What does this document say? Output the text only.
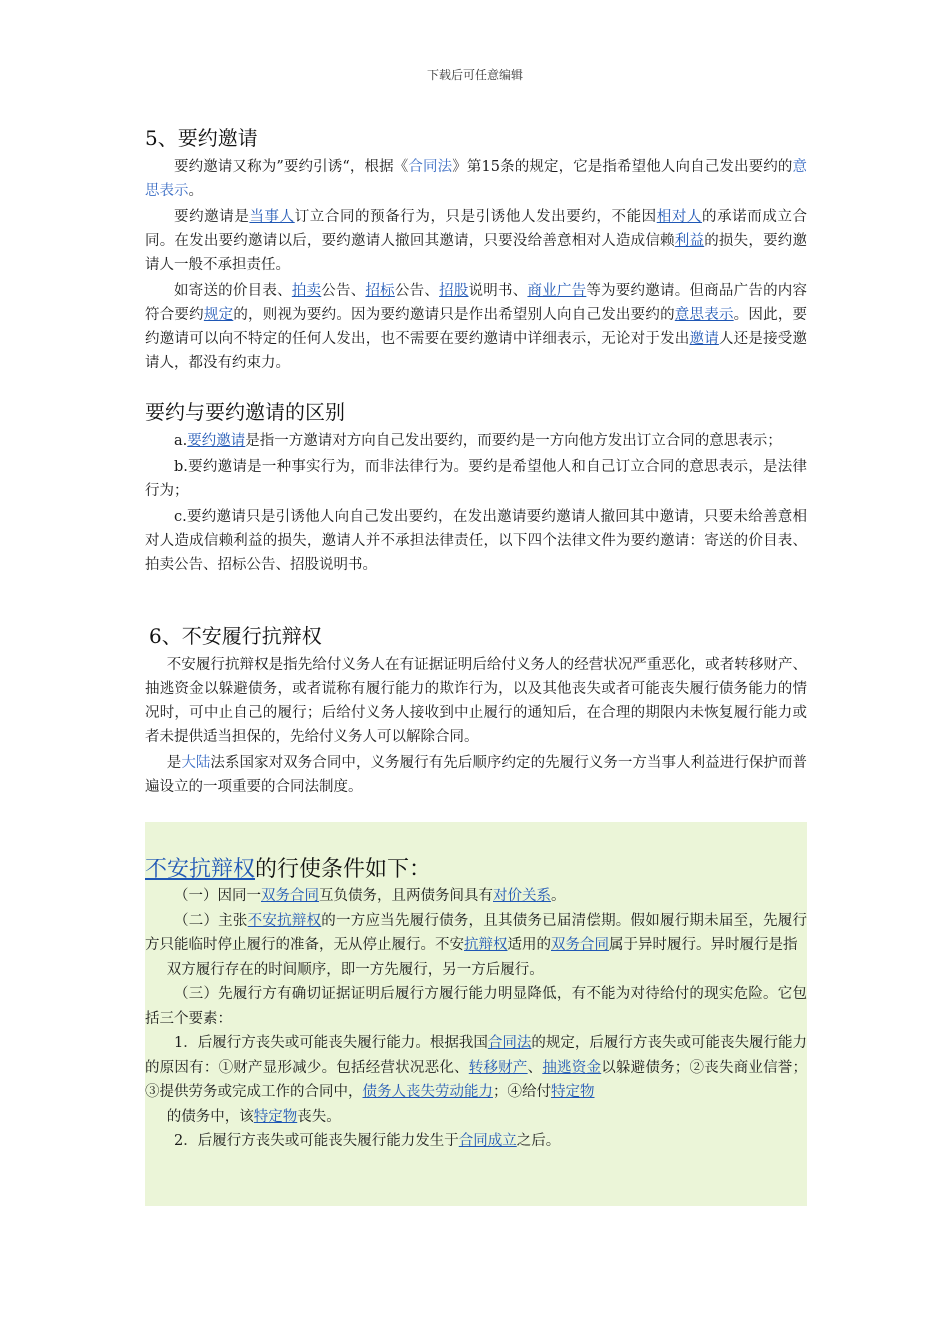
下载后可任意编辑
5、要约邀请

要约邀请又称为”要约引诱“，根据《合同法》第15条的规定，它是指希望他人向自己发出要约的意思表示。

要约邀请是当事人订立合同的预备行为，只是引诱他人发出要约，不能因相对人的承诺而成立合同。在发出要约邀请以后，要约邀请人撤回其邀请，只要没给善意相对人造成信赖利益的损失，要约邀请人一般不承担责任。

如寄送的价目表、拍卖公告、招标公告、招股说明书、商业广告等为要约邀请。但商品广告的内容符合要约规定的，则视为要约。因为要约邀请只是作出希望别人向自己发出要约的意思表示。因此，要约邀请可以向不特定的任何人发出，也不需要在要约邀请中详细表示，无论对于发出邀请人还是接受邀请人，都没有约束力。

要约与要约邀请的区别

a.要约邀请是指一方邀请对方向自己发出要约，而要约是一方向他方发出订立合同的意思表示；

b.要约邀请是一种事实行为，而非法律行为。要约是希望他人和自己订立合同的意思表示，是法律行为；

c.要约邀请只是引诱他人向自己发出要约，在发出邀请要约邀请人撤回其中邀请，只要未给善意相对人造成信赖利益的损失，邀请人并不承担法律责任，以下四个法律文件为要约邀请：寄送的价目表、拍卖公告、招标公告、招股说明书。

6、不安履行抗辩权

不安履行抗辩权是指先给付义务人在有证据证明后给付义务人的经营状况严重恶化，或者转移财产、抽逃资金以躲避债务，或者谎称有履行能力的欺诈行为，以及其他丧失或者可能丧失履行债务能力的情况时，可中止自己的履行；后给付义务人接收到中止履行的通知后，在合理的期限内未恢复履行能力或者未提供适当担保的，先给付义务人可以解除合同。

是大陆法系国家对双务合同中，义务履行有先后顺序约定的先履行义务一方当事人利益进行保护而普遍设立的一项重要的合同法制度。

不安抗辩权的行使条件如下：

（一）因同一双务合同互负债务，且两债务间具有对价关系。

（二）主张不安抗辩权的一方应当先履行债务，且其债务已届清偿期。假如履行期未届至，先履行方只能临时停止履行的准备，无从停止履行。不安抗辩权适用的双务合同属于异时履行。异时履行是指

双方履行存在的时间顺序，即一方先履行，另一方后履行。

（三）先履行方有确切证据证明后履行方履行能力明显降低，有不能为对待给付的现实危险。它包括三个要素：

1．后履行方丧失或可能丧失履行能力。根据我国合同法的规定，后履行方丧失或可能丧失履行能力的原因有：①财产显形减少。包括经营状况恶化、转移财产、抽逃资金以躲避债务；②丧失商业信誉；③提供劳务或完成工作的合同中，债务人丧失劳动能力；④给付特定物

的债务中，该特定物丧失。

2．后履行方丧失或可能丧失履行能力发生于合同成立之后。
